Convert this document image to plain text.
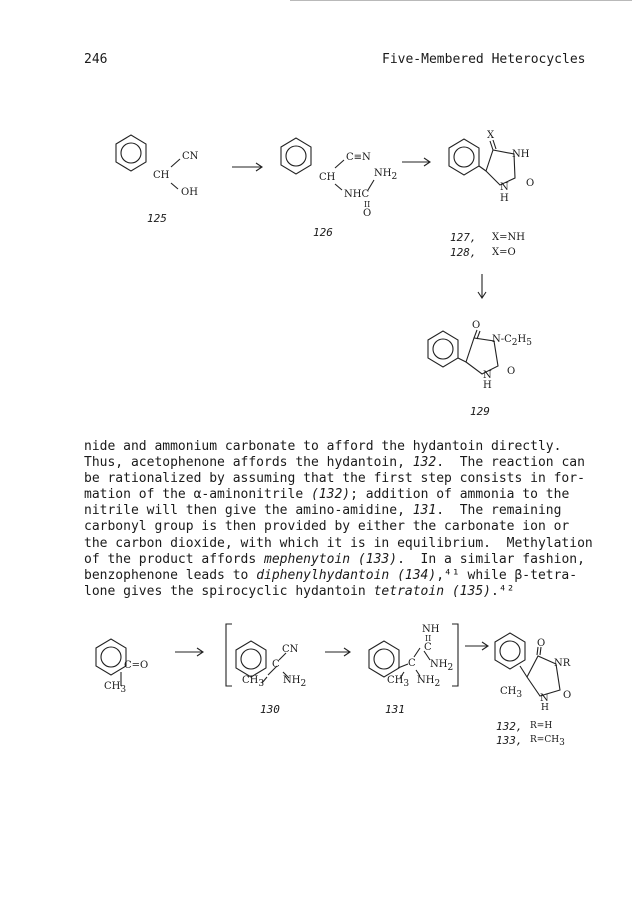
246	Five-Membered Heterocycles
CN
CH
OH
125
C≡N
CH	$NH_2$
NHC
II
O
126
X
NH
N
H
O
127, X=NH
128, X=O
O
$N-C_2H_5$
N
H
O
129
nide and ammonium carbonate to afford the hydantoin directly.
Thus, acetophenone affords the hydantoin, 132.  The reaction can
be rationalized by assuming that the first step consists in for-
mation of the α-aminonitrile (132); addition of ammonia to the
nitrile will then give the amino-amidine, 131.  The remaining
carbonyl group is then provided by either the carbonate ion or
the carbon dioxide, with which it is in equilibrium.  Methylation
of the product affords mephenytoin (133).  In a similar fashion,
benzophenone leads to diphenylhydantoin (134),⁴¹ while β-tetra-
lone gives the spirocyclic hydantoin tetratoin (135).⁴²
C=O
$CH_3$
CN
C
$CH_3$ $NH_2$
130
NH
II
C
C $NH_2$
$CH_3$ $NH_2$
131
O
NR
$CH_3$ N
H
O
132, R=H
133, $R=CH_3$
